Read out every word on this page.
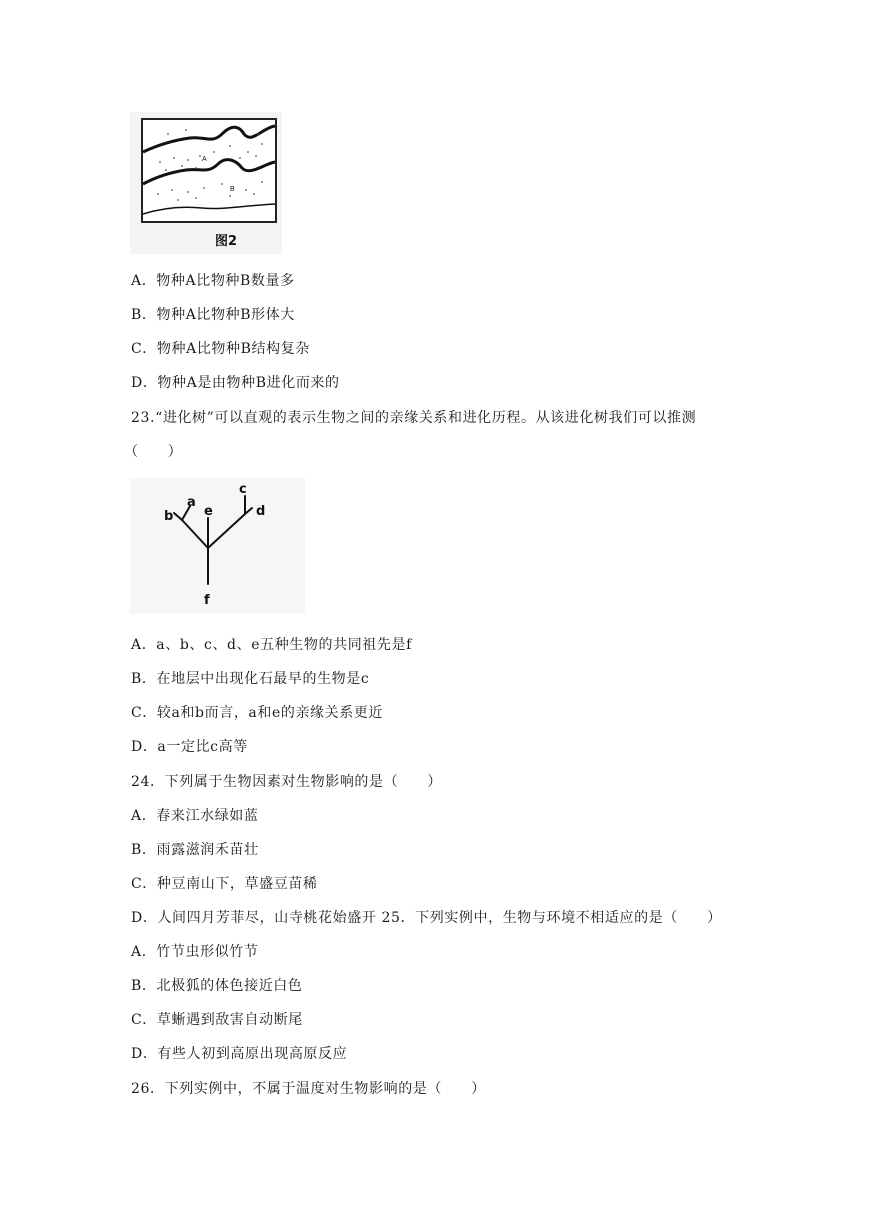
A
B
图2
A．物种A比物种B数量多
B．物种A比物种B形体大
C．物种A比物种B结构复杂
D．物种A是由物种B进化而来的
23.“进化树”可以直观的表示生物之间的亲缘关系和进化历程。从该进化树我们可以推测
（　　）
b
a
e
c
d
f
A．a、b、c、d、e五种生物的共同祖先是f
B．在地层中出现化石最早的生物是c
C．较a和b而言，a和e的亲缘关系更近
D．a一定比c高等
24．下列属于生物因素对生物影响的是（　　）
A．春来江水绿如蓝
B．雨露滋润禾苗壮
C．种豆南山下，草盛豆苗稀
D．人间四月芳菲尽，山寺桃花始盛开 25．下列实例中，生物与环境不相适应的是（　　）
A．竹节虫形似竹节
B．北极狐的体色接近白色
C．草蜥遇到敌害自动断尾
D．有些人初到高原出现高原反应
26．下列实例中，不属于温度对生物影响的是（　　）
